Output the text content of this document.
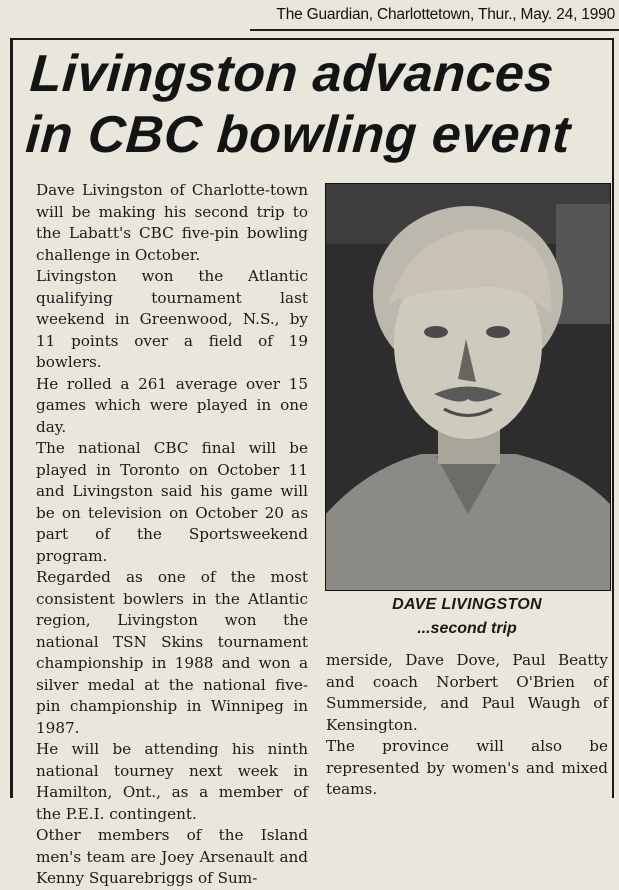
The Guardian, Charlottetown, Thur., May. 24, 1990
Livingston advances
in CBC bowling event

Dave Livingston of Charlotte-town will be making his second trip to the Labatt's CBC five-pin bowling challenge in October.

Livingston won the Atlantic qualifying tournament last weekend in Greenwood, N.S., by 11 points over a field of 19 bowlers.

He rolled a 261 average over 15 games which were played in one day.

The national CBC final will be played in Toronto on October 11 and Livingston said his game will be on television on October 20 as part of the Sportsweekend program.

Regarded as one of the most consistent bowlers in the Atlantic region, Livingston won the national TSN Skins tournament championship in 1988 and won a silver medal at the national five-pin championship in Winnipeg in 1987.

He will be attending his ninth national tourney next week in Hamilton, Ont., as a member of the P.E.I. contingent.

Other members of the Island men's team are Joey Arsenault and Kenny Squarebriggs of Sum-

DAVE LIVINGSTON
...second trip

merside, Dave Dove, Paul Beatty and coach Norbert O'Brien of Summerside, and Paul Waugh of Kensington.

The province will also be represented by women's and mixed teams.
